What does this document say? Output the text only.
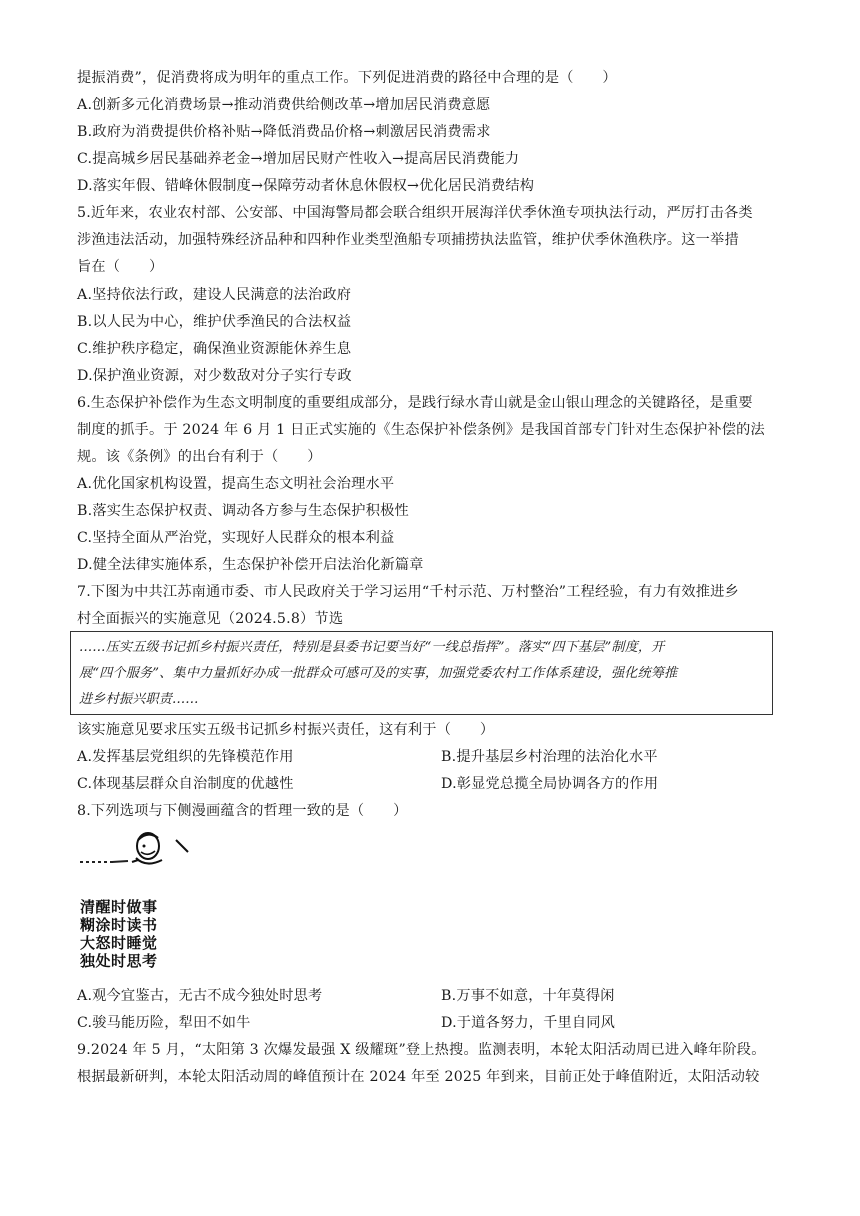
提振消费”，促消费将成为明年的重点工作。下列促进消费的路径中合理的是（　　）
A.创新多元化消费场景→推动消费供给侧改革→增加居民消费意愿
B.政府为消费提供价格补贴→降低消费品价格→刺激居民消费需求
C.提高城乡居民基础养老金→增加居民财产性收入→提高居民消费能力
D.落实年假、错峰休假制度→保障劳动者休息休假权→优化居民消费结构
5.近年来，农业农村部、公安部、中国海警局都会联合组织开展海洋伏季休渔专项执法行动，严厉打击各类
涉渔违法活动，加强特殊经济品种和四种作业类型渔船专项捕捞执法监管，维护伏季休渔秩序。这一举措
旨在（　　）
A.坚持依法行政，建设人民满意的法治政府
B.以人民为中心，维护伏季渔民的合法权益
C.维护秩序稳定，确保渔业资源能休养生息
D.保护渔业资源，对少数敌对分子实行专政
6.生态保护补偿作为生态文明制度的重要组成部分，是践行绿水青山就是金山银山理念的关键路径，是重要
制度的抓手。于 2024 年 6 月 1 日正式实施的《生态保护补偿条例》是我国首部专门针对生态保护补偿的法
规。该《条例》的出台有利于（　　）
A.优化国家机构设置，提高生态文明社会治理水平
B.落实生态保护权责、调动各方参与生态保护积极性
C.坚持全面从严治党，实现好人民群众的根本利益
D.健全法律实施体系，生态保护补偿开启法治化新篇章
7.下图为中共江苏南通市委、市人民政府关于学习运用“千村示范、万村整治”工程经验，有力有效推进乡
村全面振兴的实施意见（2024.5.8）节选
……压实五级书记抓乡村振兴责任，特别是县委书记要当好“一线总指挥”。落实“四下基层”制度，开
展“四个服务”、集中力量抓好办成一批群众可感可及的实事，加强党委农村工作体系建设，强化统筹推
进乡村振兴职责……
该实施意见要求压实五级书记抓乡村振兴责任，这有利于（　　）
A.发挥基层党组织的先锋模范作用	B.提升基层乡村治理的法治化水平
C.体现基层群众自治制度的优越性	D.彰显党总揽全局协调各方的作用
8.下列选项与下侧漫画蕴含的哲理一致的是（　　）
清醒时做事
糊涂时读书
大怒时睡觉
独处时思考
A.观今宜鉴古，无古不成今独处时思考	B.万事不如意，十年莫得闲
C.骏马能历险，犁田不如牛	D.于道各努力，千里自同风
9.2024 年 5 月，“太阳第 3 次爆发最强 X 级耀斑”登上热搜。监测表明，本轮太阳活动周已进入峰年阶段。
根据最新研判，本轮太阳活动周的峰值预计在 2024 年至 2025 年到来，目前正处于峰值附近，太阳活动较
